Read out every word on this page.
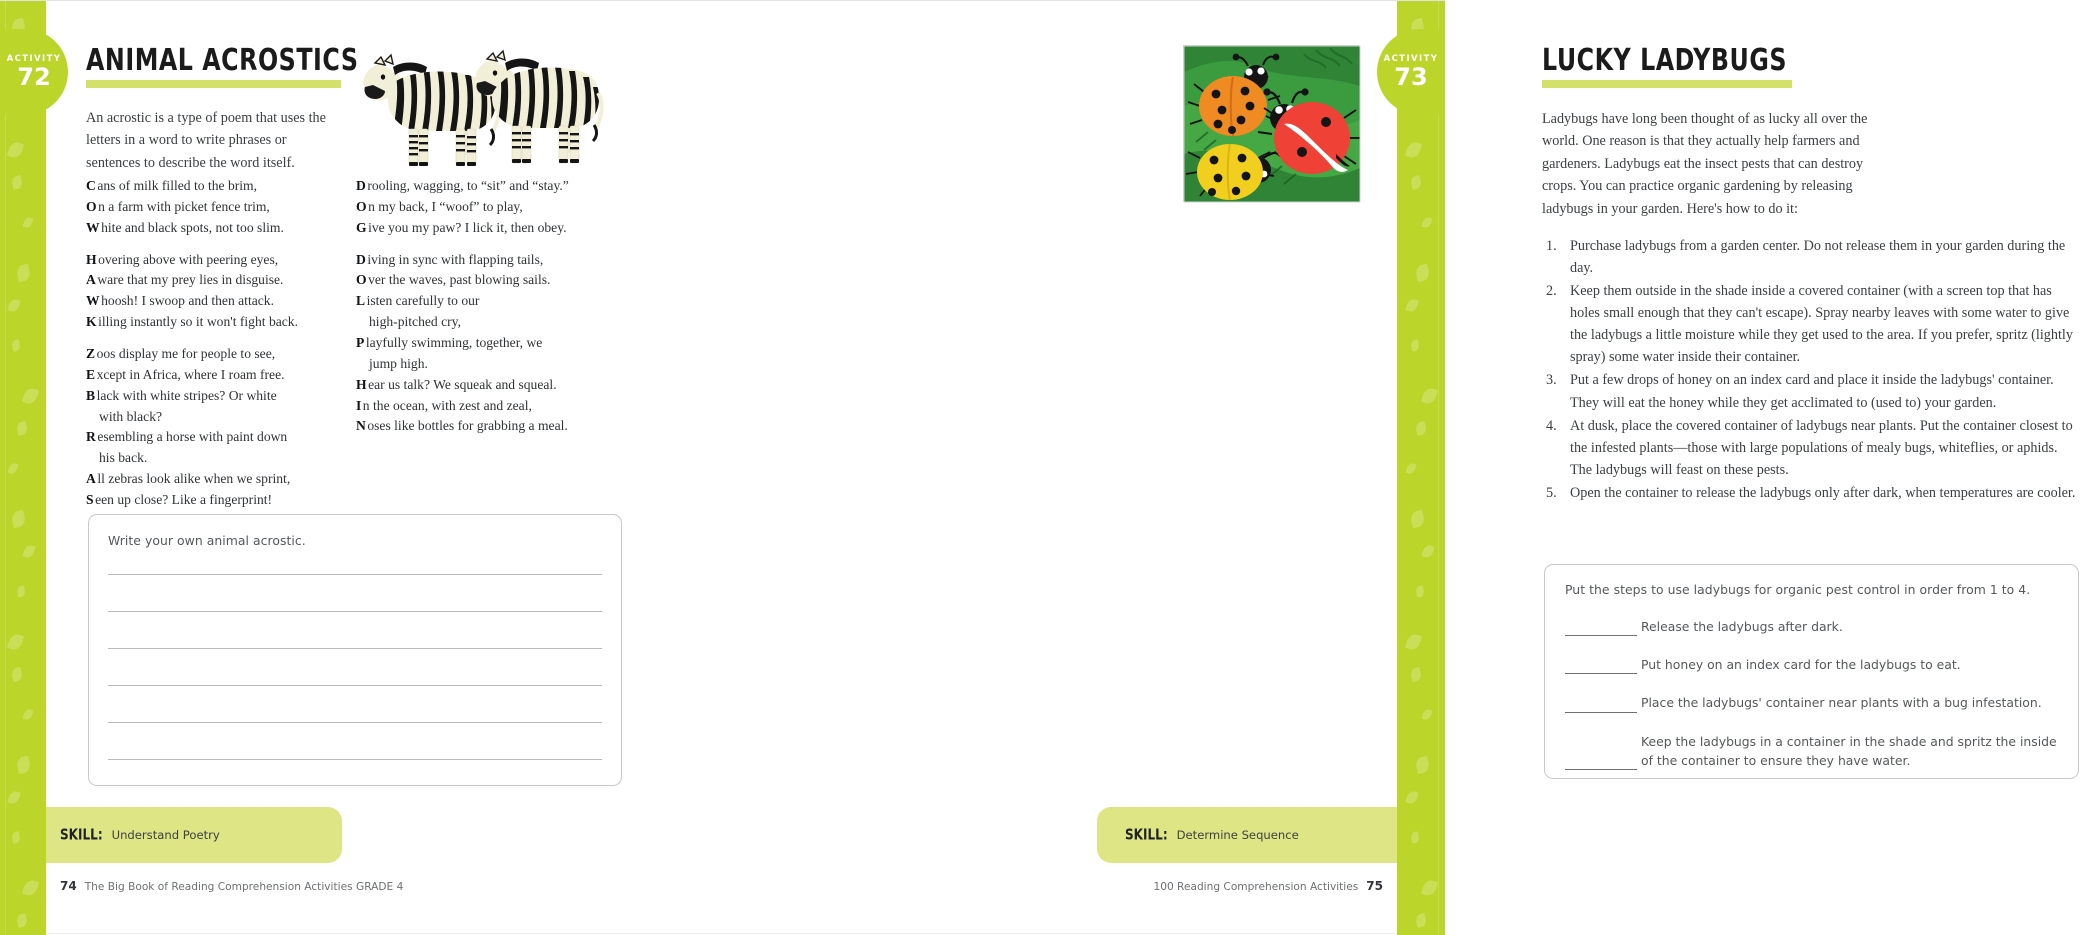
ACTIVITY
72
ACTIVITY
73
ANIMAL ACROSTICS
An acrostic is a type of poem that uses the letters in a word to write phrases or sentences to describe the word itself.
C ans of milk filled to the brim,
O n a farm with picket fence trim,
W hite and black spots, not too slim.
H overing above with peering eyes,
A ware that my prey lies in disguise.
W hoosh! I swoop and then attack.
K illing instantly so it won't fight back.
Z oos display me for people to see,
E xcept in Africa, where I roam free.
B lack with white stripes? Or white
with black?
R esembling a horse with paint down
his back.
A ll zebras look alike when we sprint,
S een up close? Like a fingerprint!
D rooling, wagging, to “sit” and “stay.”
O n my back, I “woof” to play,
G ive you my paw? I lick it, then obey.
D iving in sync with flapping tails,
O ver the waves, past blowing sails.
L isten carefully to our
high-pitched cry,
P layfully swimming, together, we
jump high.
H ear us talk? We squeak and squeal.
I n the ocean, with zest and zeal,
N oses like bottles for grabbing a meal.
Write your own animal acrostic.
LUCKY LADYBUGS
Ladybugs have long been thought of as lucky all over the world. One reason is that they actually help farmers and gardeners. Ladybugs eat the insect pests that can destroy crops. You can practice organic gardening by releasing ladybugs in your garden. Here's how to do it:
1. Purchase ladybugs from a garden center. Do not release them in your garden during the day.
2. Keep them outside in the shade inside a covered container (with a screen top that has holes small enough that they can't escape). Spray nearby leaves with some water to give the ladybugs a little moisture while they get used to the area. If you prefer, spritz (lightly spray) some water inside their container.
3. Put a few drops of honey on an index card and place it inside the ladybugs' container. They will eat the honey while they get acclimated to (used to) your garden.
4. At dusk, place the covered container of ladybugs near plants. Put the container closest to the infested plants—those with large populations of mealy bugs, whiteflies, or aphids. The ladybugs will feast on these pests.
5. Open the container to release the ladybugs only after dark, when temperatures are cooler.
Put the steps to use ladybugs for organic pest control in order from 1 to 4.
Release the ladybugs after dark.
Put honey on an index card for the ladybugs to eat.
Place the ladybugs' container near plants with a bug infestation.
Keep the ladybugs in a container in the shade and spritz the inside of the container to ensure they have water.
SKILL: Understand Poetry	SKILL: Determine Sequence
74 The Big Book of Reading Comprehension Activities GRADE 4	100 Reading Comprehension Activities 75
